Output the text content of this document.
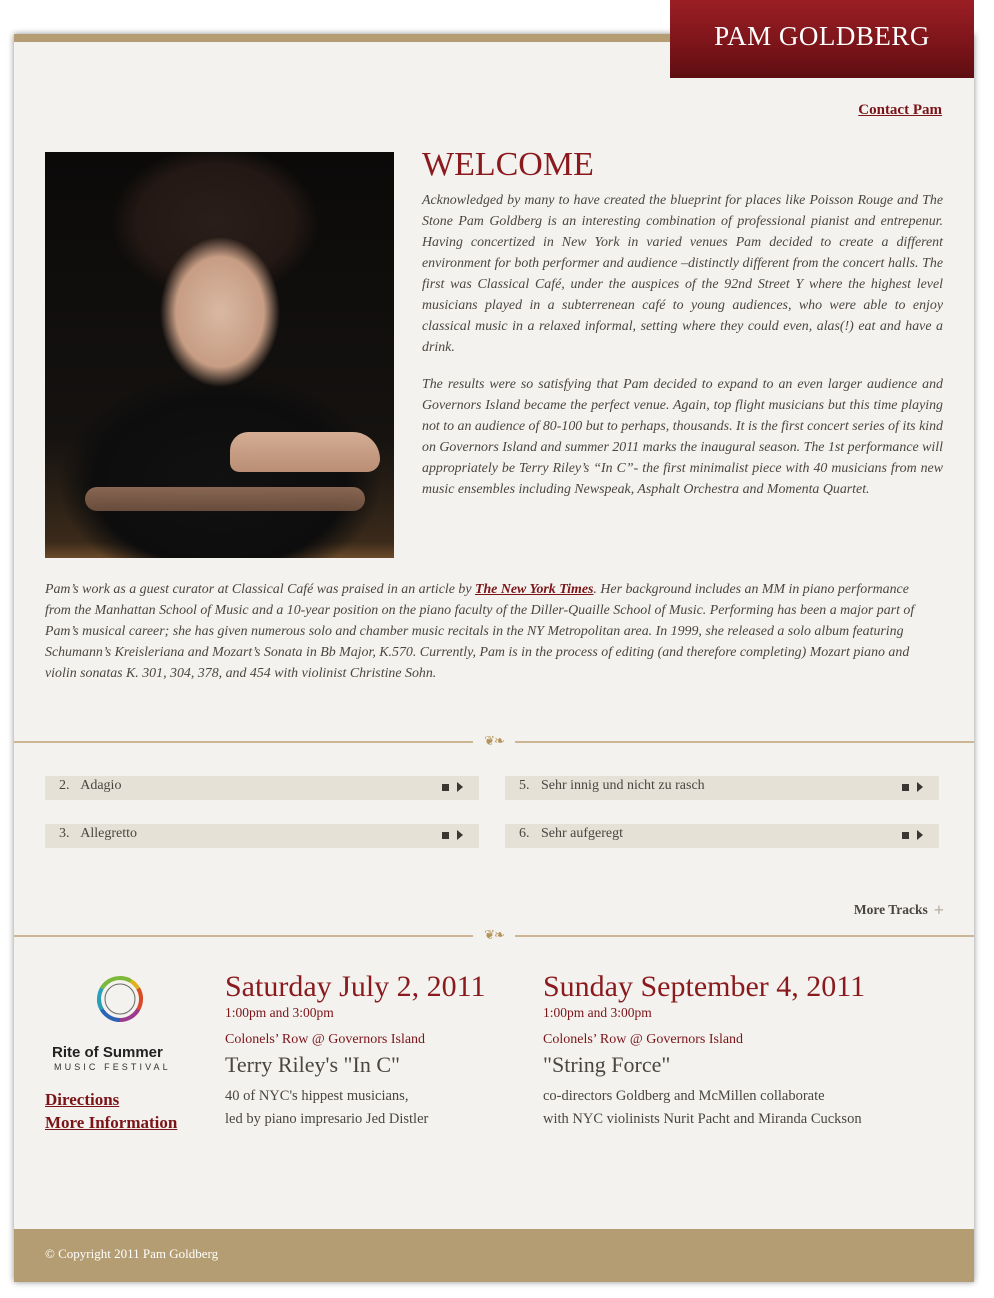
PAM GOLDBERG
Contact Pam
WELCOME

Acknowledged by many to have created the blueprint for places like Poisson Rouge and The Stone Pam Goldberg is an interesting combination of professional pianist and entrepenur. Having concertized in New York in varied venues Pam decided to create a different environment for both performer and audience –distinctly different from the concert halls. The first was Classical Café, under the auspices of the 92nd Street Y where the highest level musicians played in a subterrenean café to young audiences, who were able to enjoy classical music in a relaxed informal, setting where they could even, alas(!) eat and have a drink.

The results were so satisfying that Pam decided to expand to an even larger audience and Governors Island became the perfect venue. Again, top flight musicians but this time playing not to an audience of 80-100 but to perhaps, thousands. It is the first concert series of its kind on Governors Island and summer 2011 marks the inaugural season. The 1st performance will appropriately be Terry Riley’s “In C”- the first minimalist piece with 40 musicians from new music ensembles including Newspeak, Asphalt Orchestra and Momenta Quartet.

Pam’s work as a guest curator at Classical Café was praised in an article by The New York Times. Her background includes an MM in piano performance from the Manhattan School of Music and a 10-year position on the piano faculty of the Diller-Quaille School of Music. Performing has been a major part of Pam’s musical career; she has given numerous solo and chamber music recitals in the NY Metropolitan area. In 1999, she released a solo album featuring Schumann’s Kreisleriana and Mozart’s Sonata in Bb Major, K.570. Currently, Pam is in the process of editing (and therefore completing) Mozart piano and violin sonatas K. 301, 304, 378, and 454 with violinist Christine Sohn.
❦❧
2. Adagio
3. Allegretto
5. Sehr innig und nicht zu rasch
6. Sehr aufgeregt
More Tracks +
❦❧
Rite of Summer
MUSIC FESTIVAL
Directions
More Information
Saturday July 2, 2011
1:00pm and 3:00pm
Colonels’ Row @ Governors Island
Terry Riley's "In C"
40 of NYC's hippest musicians,
led by piano impresario Jed Distler
Sunday September 4, 2011
1:00pm and 3:00pm
Colonels’ Row @ Governors Island
"String Force"
co-directors Goldberg and McMillen collaborate
with NYC violinists Nurit Pacht and Miranda Cuckson
© Copyright 2011 Pam Goldberg
